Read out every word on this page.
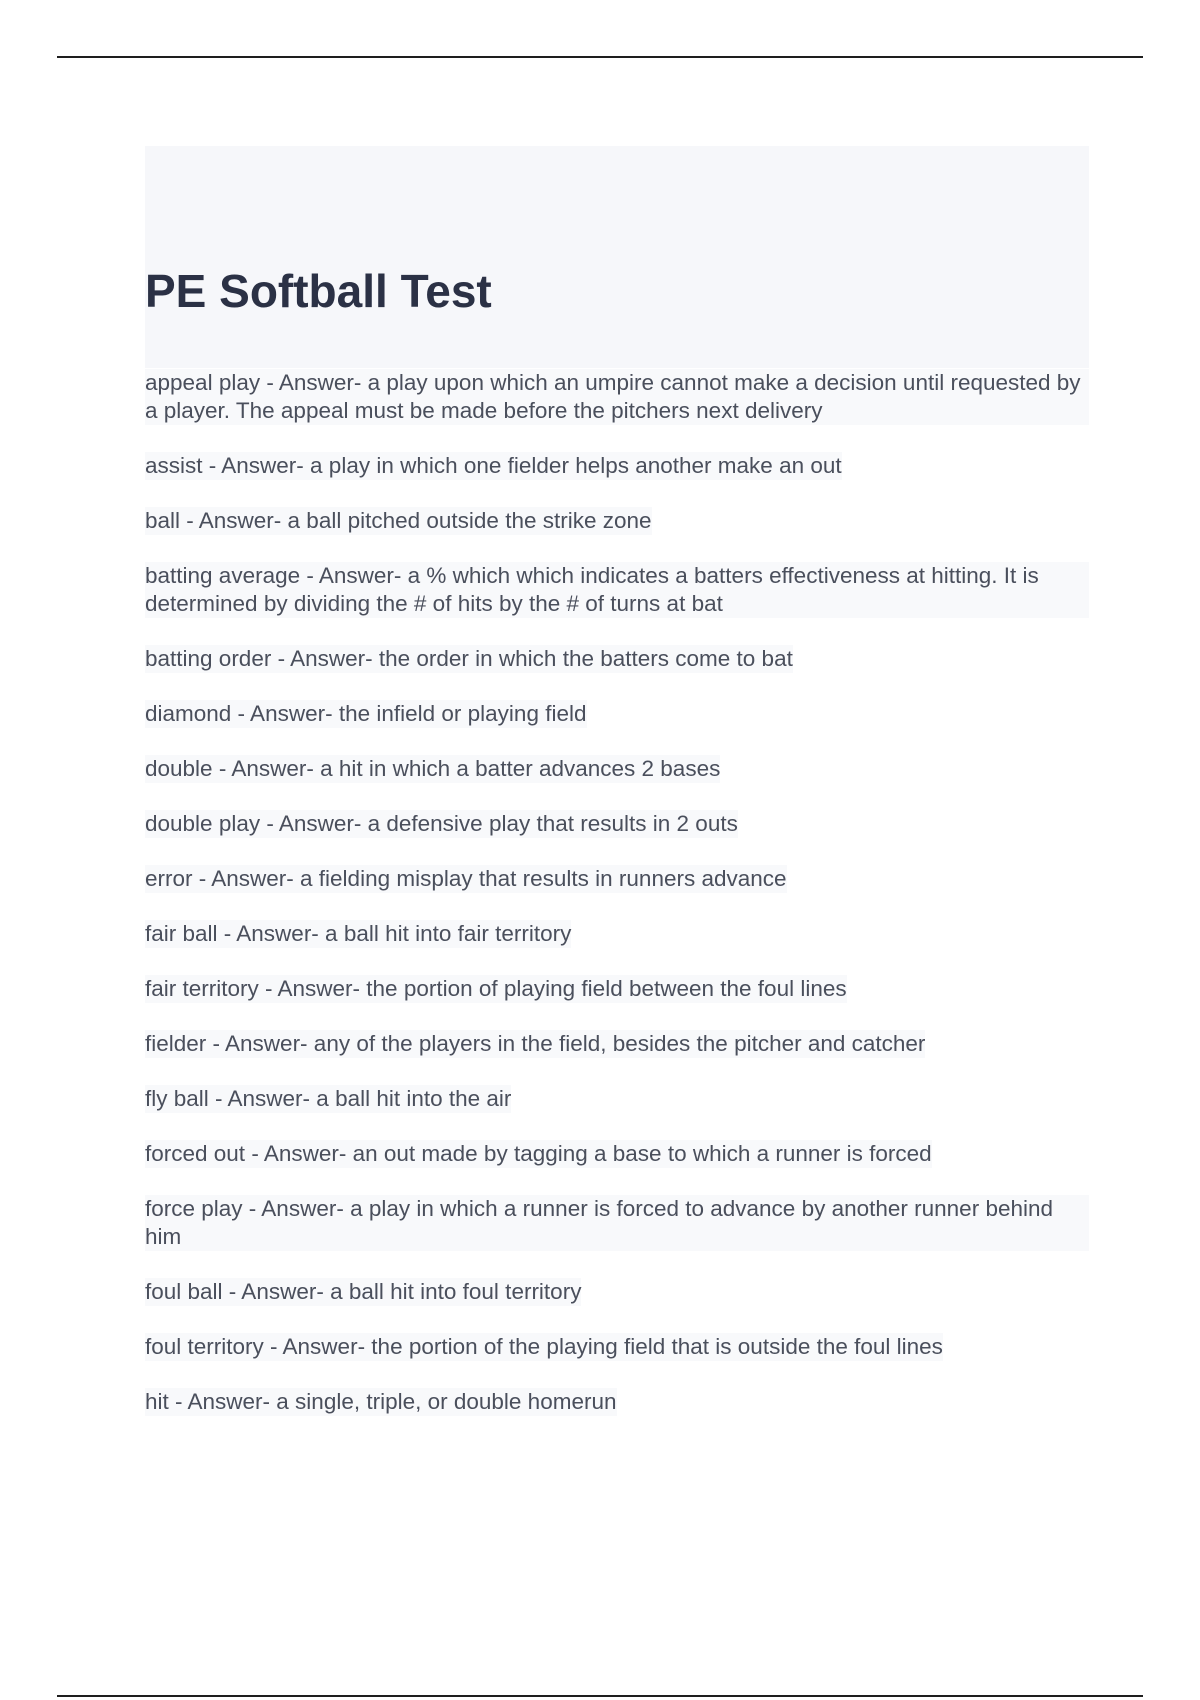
PE Softball Test

appeal play - Answer- a play upon which an umpire cannot make a decision until requested by a player. The appeal must be made before the pitchers next delivery

assist - Answer- a play in which one fielder helps another make an out

ball - Answer- a ball pitched outside the strike zone

batting average - Answer- a % which which indicates a batters effectiveness at hitting. It is determined by dividing the # of hits by the # of turns at bat

batting order - Answer- the order in which the batters come to bat

diamond - Answer- the infield or playing field

double - Answer- a hit in which a batter advances 2 bases

double play - Answer- a defensive play that results in 2 outs

error - Answer- a fielding misplay that results in runners advance

fair ball - Answer- a ball hit into fair territory

fair territory - Answer- the portion of playing field between the foul lines

fielder - Answer- any of the players in the field, besides the pitcher and catcher

fly ball - Answer- a ball hit into the air

forced out - Answer- an out made by tagging a base to which a runner is forced

force play - Answer- a play in which a runner is forced to advance by another runner behind him

foul ball - Answer- a ball hit into foul territory

foul territory - Answer- the portion of the playing field that is outside the foul lines

hit - Answer- a single, triple, or double homerun
